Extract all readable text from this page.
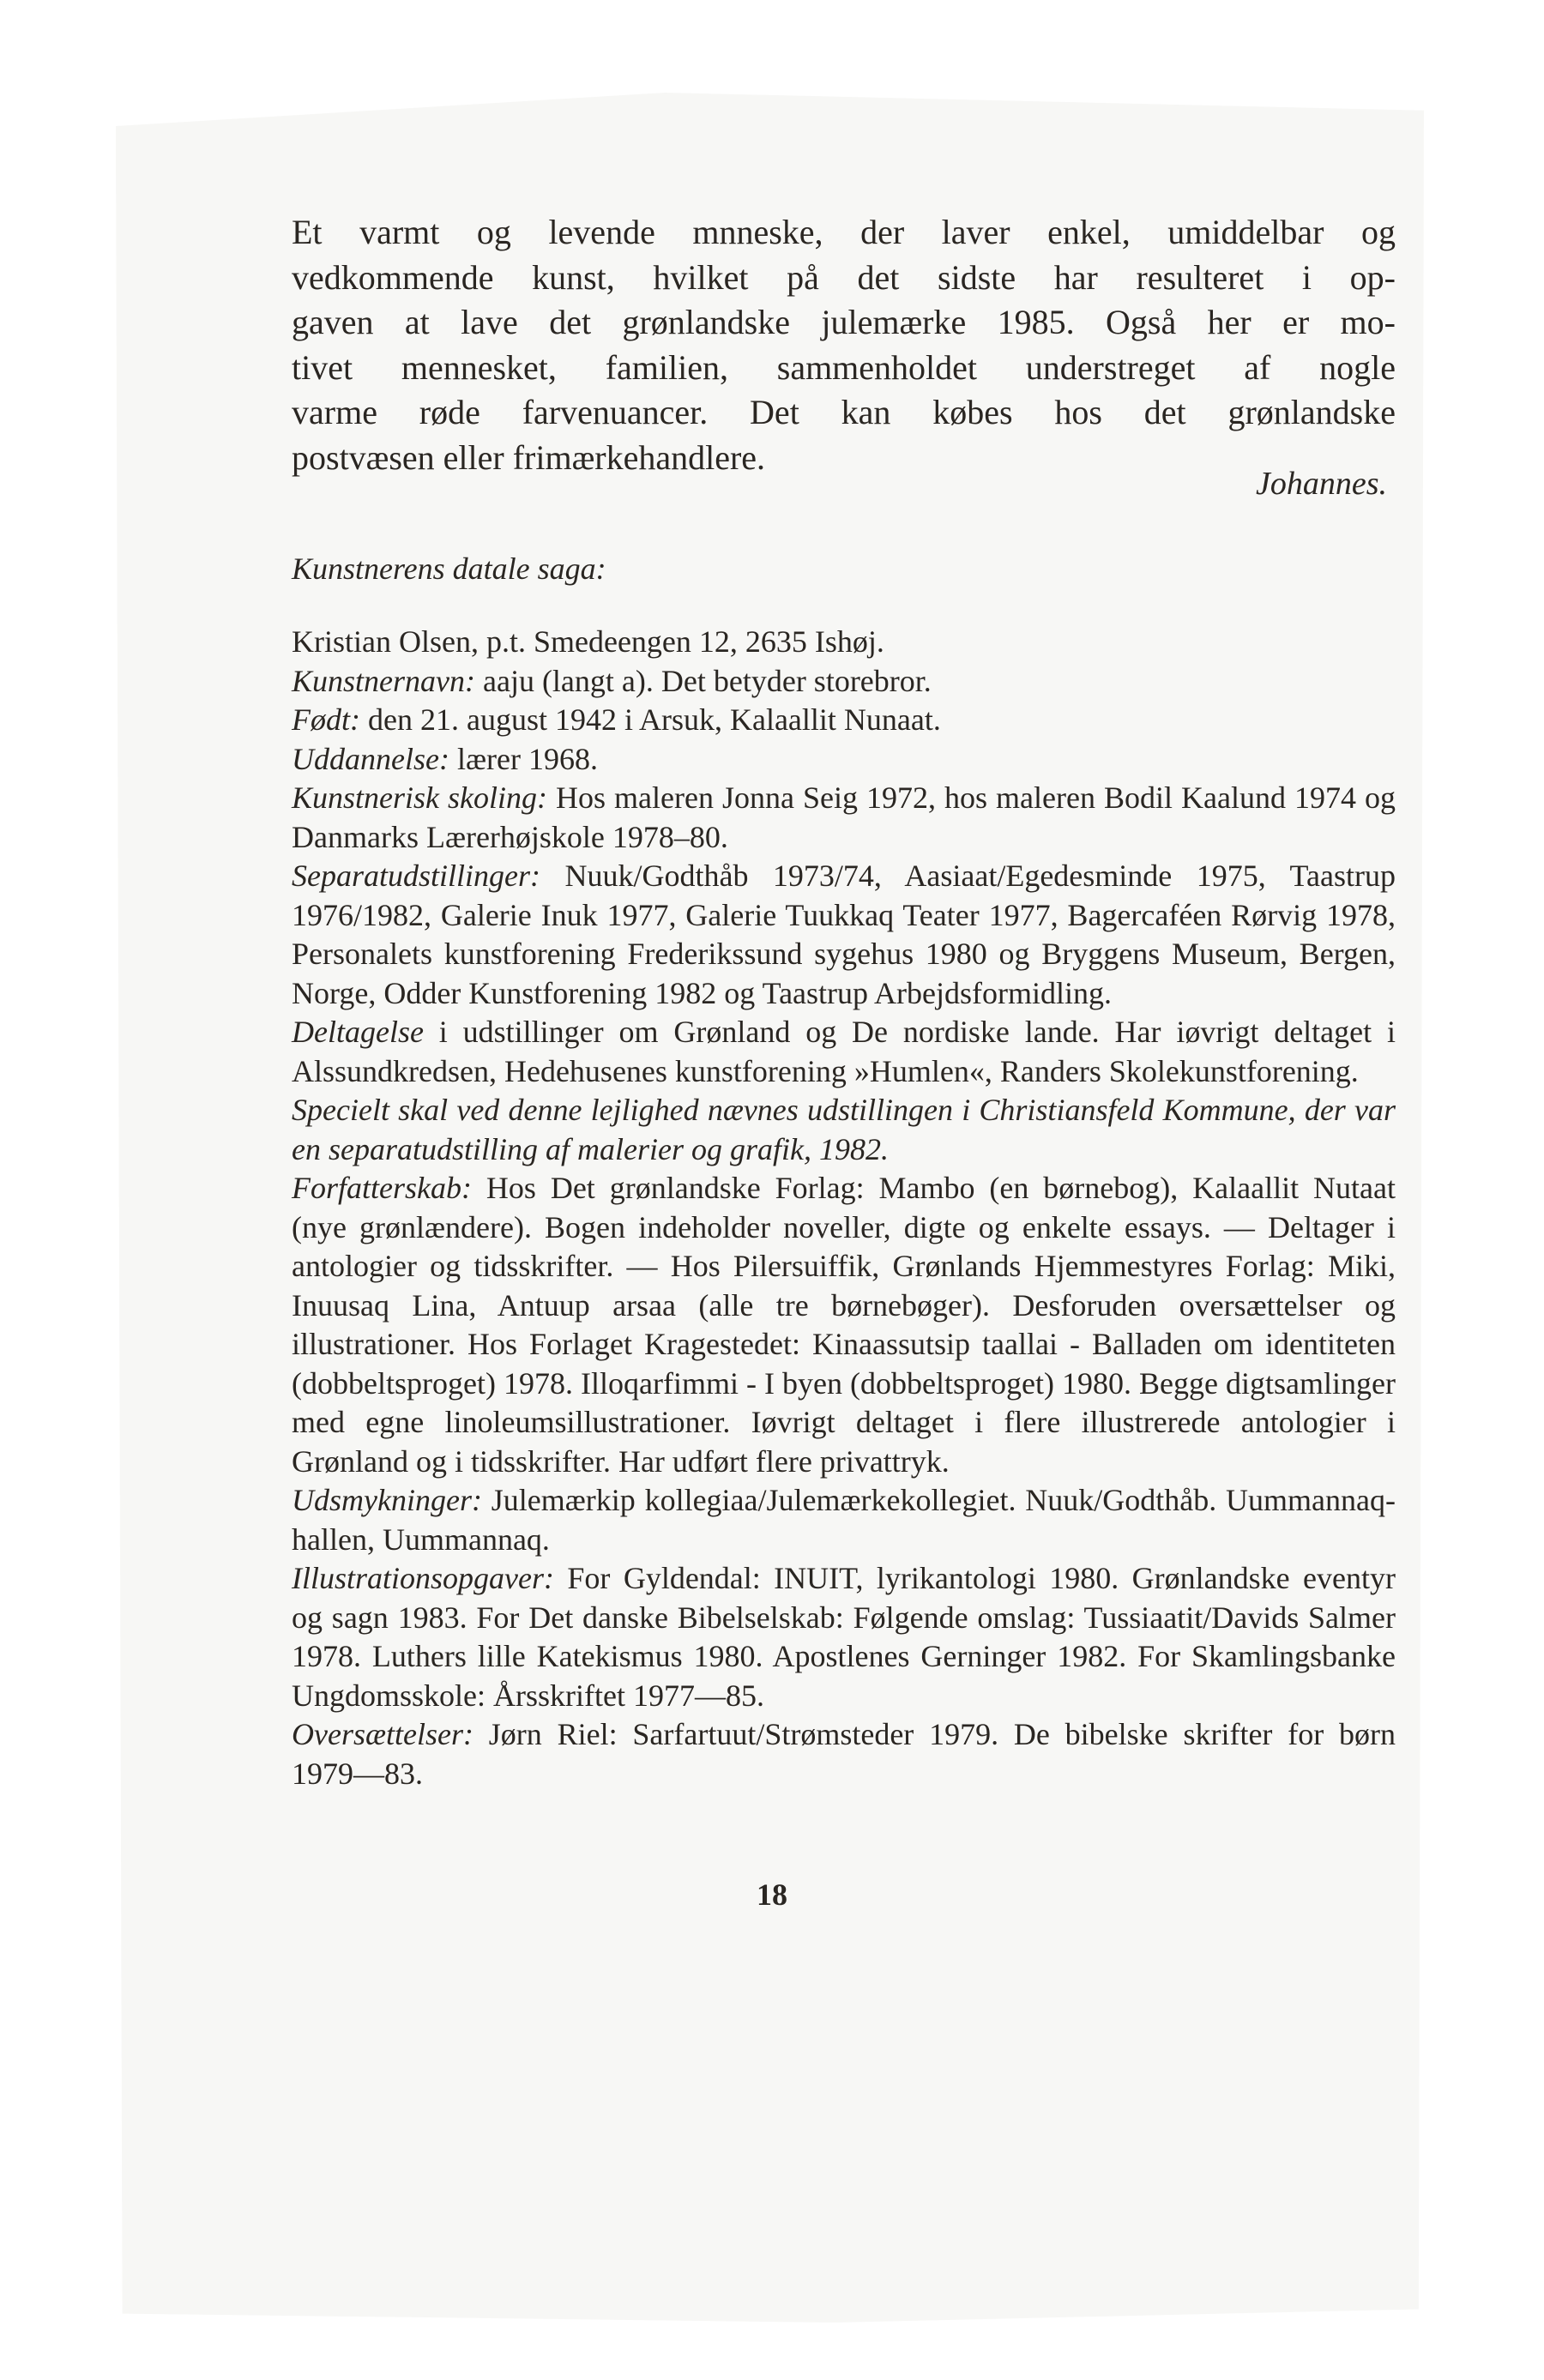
Et varmt og levende mnneske, der laver enkel, umiddelbar og

vedkommende kunst, hvilket på det sidste har resulteret i op-

gaven at lave det grønlandske julemærke 1985. Også her er mo-

tivet mennesket, familien, sammenholdet understreget af nogle

varme røde farvenuancer. Det kan købes hos det grønlandske

postvæsen eller frimærkehandlere.

Johannes.
Kunstnerens datale saga:

Kristian Olsen, p.t. Smedeengen 12, 2635 Ishøj.

Kunstnernavn: aaju (langt a). Det betyder storebror.

Født: den 21. august 1942 i Arsuk, Kalaallit Nunaat.

Uddannelse: lærer 1968.

Kunstnerisk skoling: Hos maleren Jonna Seig 1972, hos maleren Bodil Kaalund 1974 og Danmarks Lærerhøjskole 1978–80.

Separatudstillinger: Nuuk/Godthåb 1973/74, Aasiaat/Egedesminde 1975, Taastrup 1976/1982, Galerie Inuk 1977, Galerie Tuukkaq Teater 1977, Bagercaféen Rørvig 1978, Personalets kunstforening Frederikssund sygehus 1980 og Bryggens Museum, Bergen, Norge, Odder Kunstforening 1982 og Taastrup Arbejdsformidling.

Deltagelse i udstillinger om Grønland og De nordiske lande. Har iøvrigt deltaget i Alssundkredsen, Hedehusenes kunstforening »Humlen«, Randers Skolekunstforening.

Specielt skal ved denne lejlighed nævnes udstillingen i Christiansfeld Kommune, der var en separatudstilling af malerier og grafik, 1982.

Forfatterskab: Hos Det grønlandske Forlag: Mambo (en børnebog), Kalaallit Nutaat (nye grønlændere). Bogen indeholder noveller, digte og enkelte essays. — Deltager i antologier og tidsskrifter. — Hos Pilersuiffik, Grønlands Hjemmestyres Forlag: Miki, Inuusaq Lina, Antuup arsaa (alle tre børnebøger). Desforuden oversættelser og illustrationer. Hos Forlaget Kragestedet: Kinaassutsip taallai - Balladen om identiteten (dobbeltsproget) 1978. Illoqarfimmi - I byen (dobbeltsproget) 1980. Begge digtsamlinger med egne linoleumsillustrationer. Iøvrigt deltaget i flere illustrerede antologier i Grønland og i tidsskrifter. Har udført flere privattryk.

Udsmykninger: Julemærkip kollegiaa/Julemærkekollegiet. Nuuk/Godthåb. Uummannaq-hallen, Uummannaq.

Illustrationsopgaver: For Gyldendal: INUIT, lyrikantologi 1980. Grønlandske eventyr og sagn 1983. For Det danske Bibelselskab: Følgende omslag: Tussiaatit/Davids Salmer 1978. Luthers lille Katekismus 1980. Apostlenes Gerninger 1982. For Skamlingsbanke Ungdomsskole: Årsskriftet 1977—85.

Oversættelser: Jørn Riel: Sarfartuut/Strømsteder 1979. De bibelske skrifter for børn 1979—83.

18
